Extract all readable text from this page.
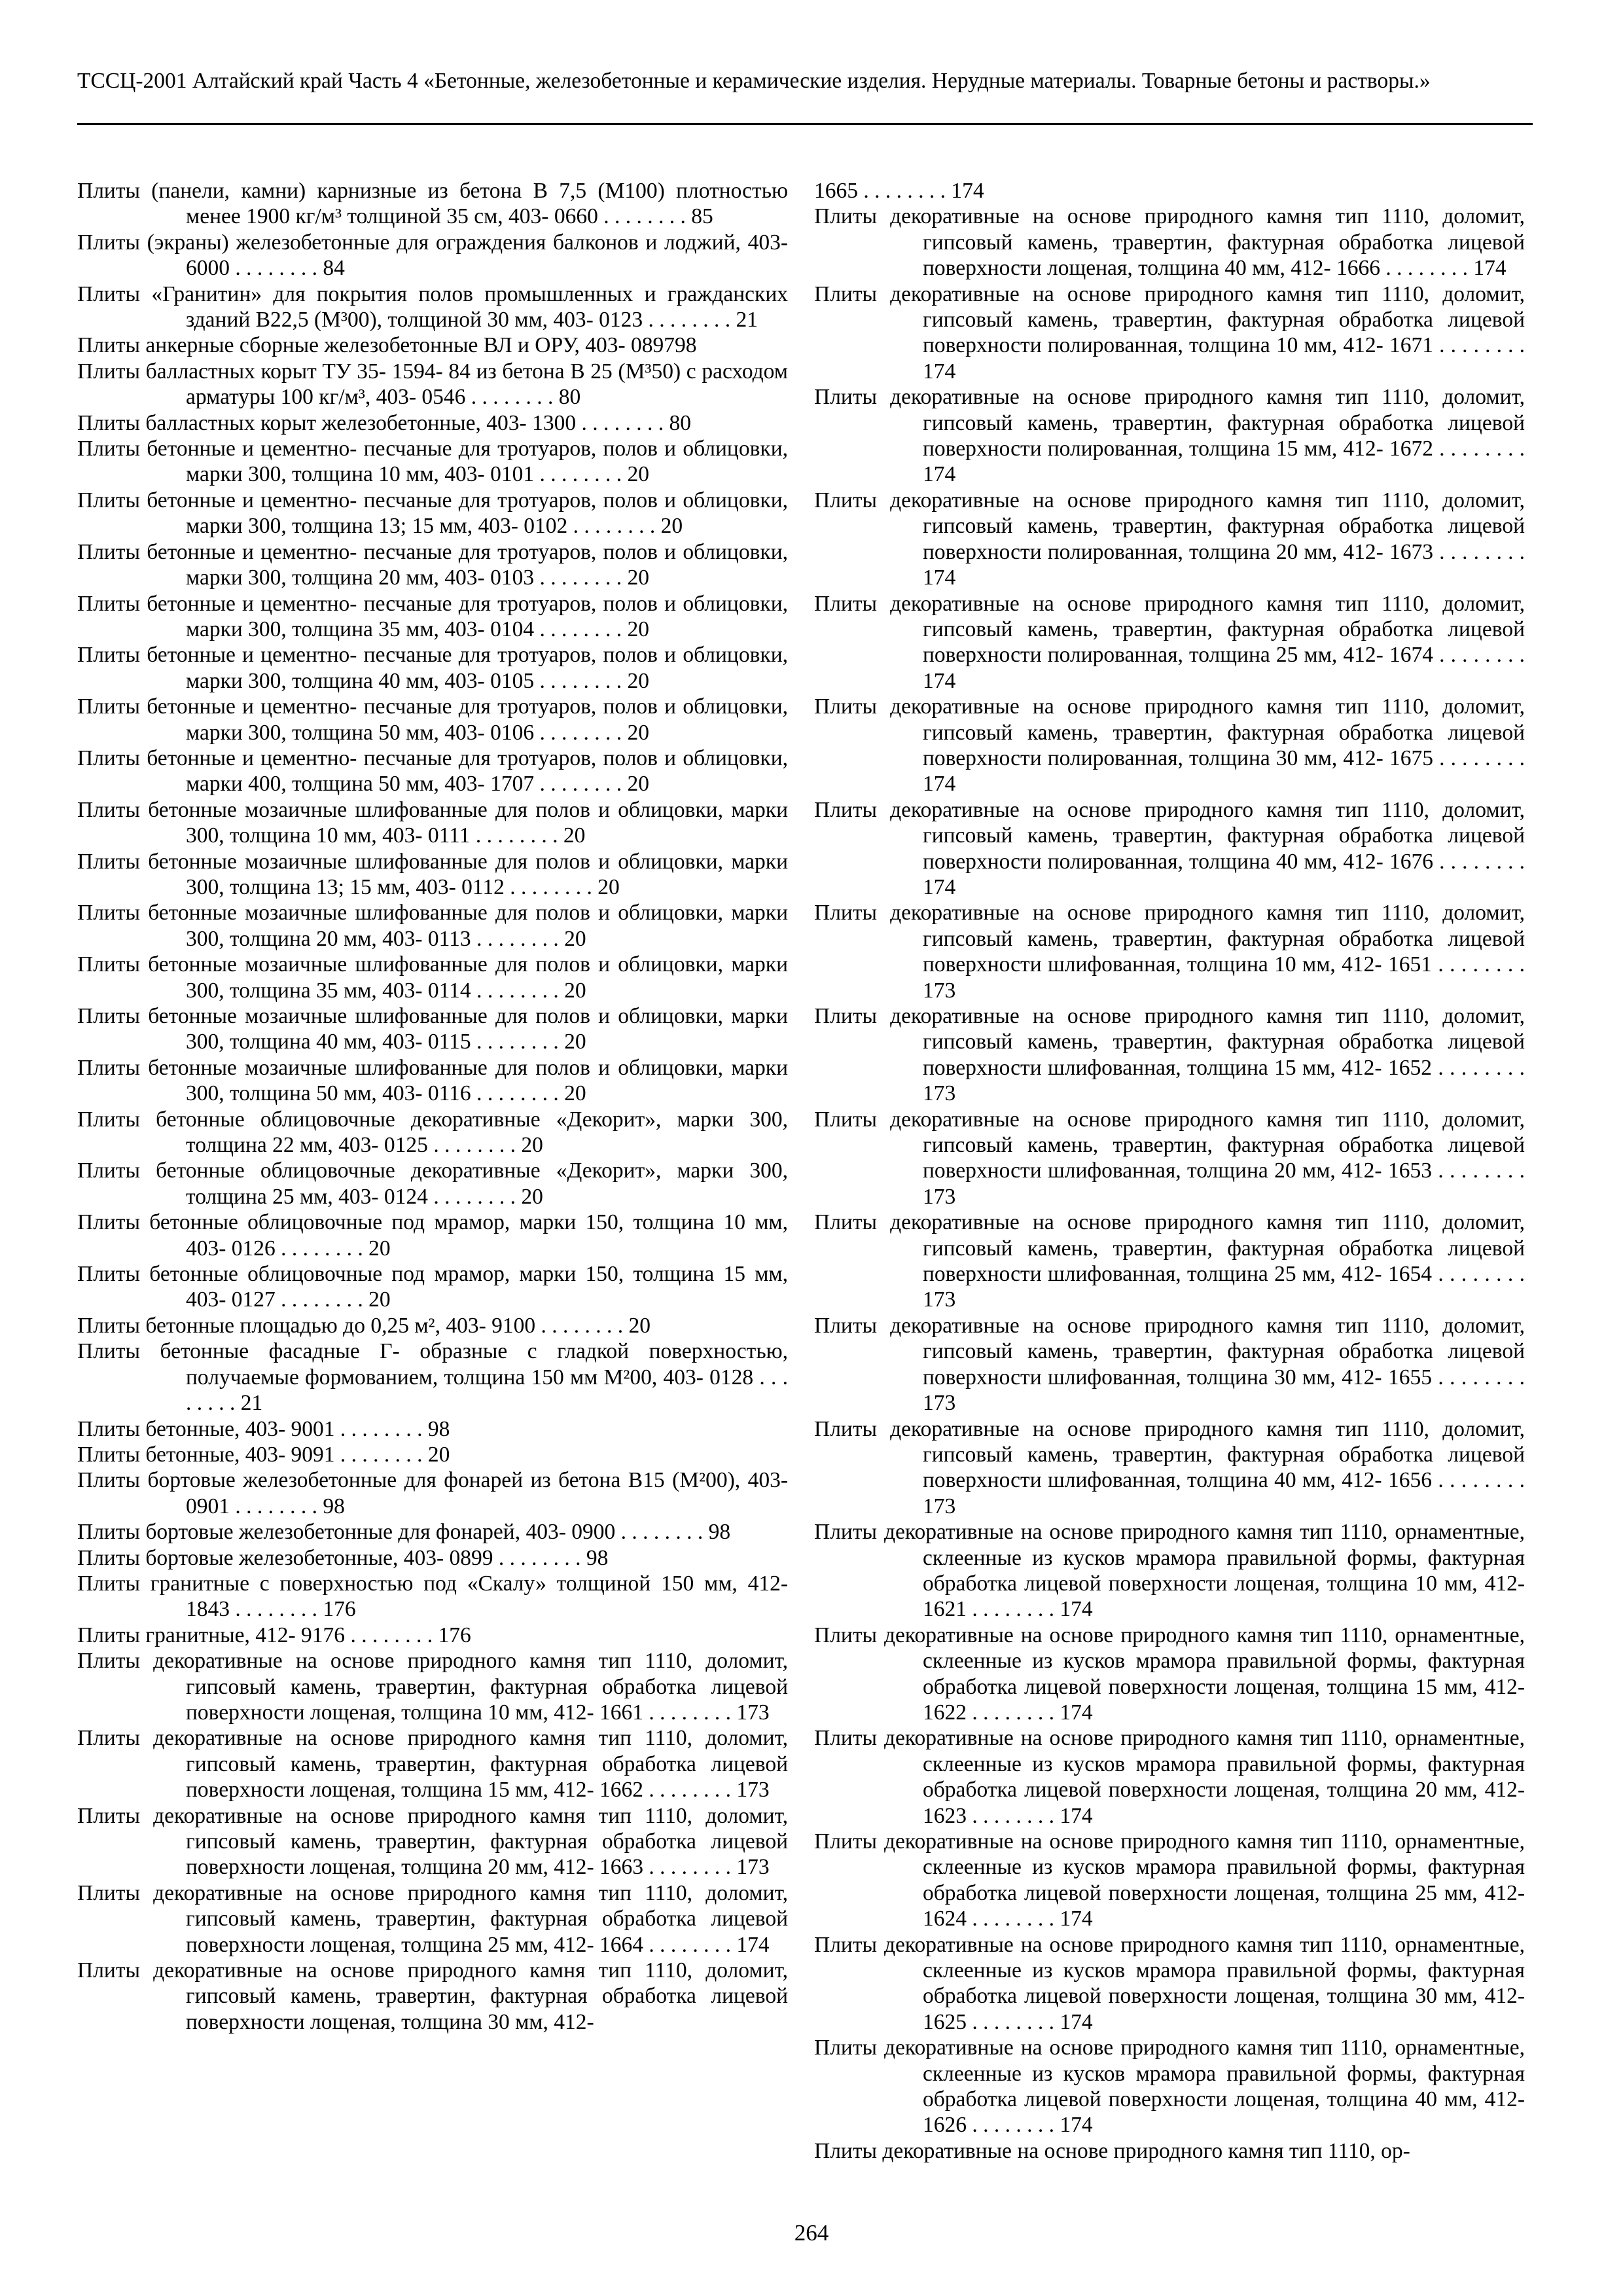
ТССЦ-2001 Алтайский край Часть 4 «Бетонные, железобетонные и керамические изделия. Нерудные материалы. Товарные бетоны и растворы.»
Плиты (панели, камни) карнизные из бетона В 7,5 (М100) плотностью менее 1900 кг/м³ толщиной 35 см, 403- 0660 . . . . . . . . 85
Плиты (экраны) железобетонные для ограждения балконов и лоджий, 403- 6000 . . . . . . . . 84
Плиты «Гранитин» для покрытия полов промышленных и гражданских зданий В22,5 (М³00), толщиной 30 мм, 403- 0123 . . . . . . . . 21
Плиты анкерные сборные железобетонные ВЛ и ОРУ, 403- 089798
Плиты балластных корыт ТУ 35- 1594- 84 из бетона В 25 (М³50) с расходом арматуры 100 кг/м³, 403- 0546 . . . . . . . . 80
Плиты балластных корыт железобетонные, 403- 1300 . . . . . . . . 80
Плиты бетонные и цементно- песчаные для тротуаров, полов и облицовки, марки 300, толщина 10 мм, 403- 0101 . . . . . . . . 20
Плиты бетонные и цементно- песчаные для тротуаров, полов и облицовки, марки 300, толщина 13; 15 мм, 403- 0102 . . . . . . . . 20
Плиты бетонные и цементно- песчаные для тротуаров, полов и облицовки, марки 300, толщина 20 мм, 403- 0103 . . . . . . . . 20
Плиты бетонные и цементно- песчаные для тротуаров, полов и облицовки, марки 300, толщина 35 мм, 403- 0104 . . . . . . . . 20
Плиты бетонные и цементно- песчаные для тротуаров, полов и облицовки, марки 300, толщина 40 мм, 403- 0105 . . . . . . . . 20
Плиты бетонные и цементно- песчаные для тротуаров, полов и облицовки, марки 300, толщина 50 мм, 403- 0106 . . . . . . . . 20
Плиты бетонные и цементно- песчаные для тротуаров, полов и облицовки, марки 400, толщина 50 мм, 403- 1707 . . . . . . . . 20
Плиты бетонные мозаичные шлифованные для полов и облицовки, марки 300, толщина 10 мм, 403- 0111 . . . . . . . . 20
Плиты бетонные мозаичные шлифованные для полов и облицовки, марки 300, толщина 13; 15 мм, 403- 0112 . . . . . . . . 20
Плиты бетонные мозаичные шлифованные для полов и облицовки, марки 300, толщина 20 мм, 403- 0113 . . . . . . . . 20
Плиты бетонные мозаичные шлифованные для полов и облицовки, марки 300, толщина 35 мм, 403- 0114 . . . . . . . . 20
Плиты бетонные мозаичные шлифованные для полов и облицовки, марки 300, толщина 40 мм, 403- 0115 . . . . . . . . 20
Плиты бетонные мозаичные шлифованные для полов и облицовки, марки 300, толщина 50 мм, 403- 0116 . . . . . . . . 20
Плиты бетонные облицовочные декоративные «Декорит», марки 300, толщина 22 мм, 403- 0125 . . . . . . . . 20
Плиты бетонные облицовочные декоративные «Декорит», марки 300, толщина 25 мм, 403- 0124 . . . . . . . . 20
Плиты бетонные облицовочные под мрамор, марки 150, толщина 10 мм, 403- 0126 . . . . . . . . 20
Плиты бетонные облицовочные под мрамор, марки 150, толщина 15 мм, 403- 0127 . . . . . . . . 20
Плиты бетонные площадью до 0,25 м², 403- 9100 . . . . . . . . 20
Плиты бетонные фасадные Г- образные с гладкой поверхностью, получаемые формованием, толщина 150 мм М²00, 403- 0128 . . . . . . . . 21
Плиты бетонные, 403- 9001 . . . . . . . . 98
Плиты бетонные, 403- 9091 . . . . . . . . 20
Плиты бортовые железобетонные для фонарей из бетона В15 (М²00), 403- 0901 . . . . . . . . 98
Плиты бортовые железобетонные для фонарей, 403- 0900 . . . . . . . . 98
Плиты бортовые железобетонные, 403- 0899 . . . . . . . . 98
Плиты гранитные с поверхностью под «Скалу» толщиной 150 мм, 412- 1843 . . . . . . . . 176
Плиты гранитные, 412- 9176 . . . . . . . . 176
Плиты декоративные на основе природного камня тип 1110, доломит, гипсовый камень, травертин, фактурная обработка лицевой поверхности лощеная, толщина 10 мм, 412- 1661 . . . . . . . . 173
Плиты декоративные на основе природного камня тип 1110, доломит, гипсовый камень, травертин, фактурная обработка лицевой поверхности лощеная, толщина 15 мм, 412- 1662 . . . . . . . . 173
Плиты декоративные на основе природного камня тип 1110, доломит, гипсовый камень, травертин, фактурная обработка лицевой поверхности лощеная, толщина 20 мм, 412- 1663 . . . . . . . . 173
Плиты декоративные на основе природного камня тип 1110, доломит, гипсовый камень, травертин, фактурная обработка лицевой поверхности лощеная, толщина 25 мм, 412- 1664 . . . . . . . . 174
Плиты декоративные на основе природного камня тип 1110, доломит, гипсовый камень, травертин, фактурная обработка лицевой поверхности лощеная, толщина 30 мм, 412-
1665 . . . . . . . . 174
Плиты декоративные на основе природного камня тип 1110, доломит, гипсовый камень, травертин, фактурная обработка лицевой поверхности лощеная, толщина 40 мм, 412- 1666 . . . . . . . . 174
Плиты декоративные на основе природного камня тип 1110, доломит, гипсовый камень, травертин, фактурная обработка лицевой поверхности полированная, толщина 10 мм, 412- 1671 . . . . . . . . 174
Плиты декоративные на основе природного камня тип 1110, доломит, гипсовый камень, травертин, фактурная обработка лицевой поверхности полированная, толщина 15 мм, 412- 1672 . . . . . . . . 174
Плиты декоративные на основе природного камня тип 1110, доломит, гипсовый камень, травертин, фактурная обработка лицевой поверхности полированная, толщина 20 мм, 412- 1673 . . . . . . . . 174
Плиты декоративные на основе природного камня тип 1110, доломит, гипсовый камень, травертин, фактурная обработка лицевой поверхности полированная, толщина 25 мм, 412- 1674 . . . . . . . . 174
Плиты декоративные на основе природного камня тип 1110, доломит, гипсовый камень, травертин, фактурная обработка лицевой поверхности полированная, толщина 30 мм, 412- 1675 . . . . . . . . 174
Плиты декоративные на основе природного камня тип 1110, доломит, гипсовый камень, травертин, фактурная обработка лицевой поверхности полированная, толщина 40 мм, 412- 1676 . . . . . . . . 174
Плиты декоративные на основе природного камня тип 1110, доломит, гипсовый камень, травертин, фактурная обработка лицевой поверхности шлифованная, толщина 10 мм, 412- 1651 . . . . . . . . 173
Плиты декоративные на основе природного камня тип 1110, доломит, гипсовый камень, травертин, фактурная обработка лицевой поверхности шлифованная, толщина 15 мм, 412- 1652 . . . . . . . . 173
Плиты декоративные на основе природного камня тип 1110, доломит, гипсовый камень, травертин, фактурная обработка лицевой поверхности шлифованная, толщина 20 мм, 412- 1653 . . . . . . . . 173
Плиты декоративные на основе природного камня тип 1110, доломит, гипсовый камень, травертин, фактурная обработка лицевой поверхности шлифованная, толщина 25 мм, 412- 1654 . . . . . . . . 173
Плиты декоративные на основе природного камня тип 1110, доломит, гипсовый камень, травертин, фактурная обработка лицевой поверхности шлифованная, толщина 30 мм, 412- 1655 . . . . . . . . 173
Плиты декоративные на основе природного камня тип 1110, доломит, гипсовый камень, травертин, фактурная обработка лицевой поверхности шлифованная, толщина 40 мм, 412- 1656 . . . . . . . . 173
Плиты декоративные на основе природного камня тип 1110, орнаментные, склеенные из кусков мрамора правильной формы, фактурная обработка лицевой поверхности лощеная, толщина 10 мм, 412- 1621 . . . . . . . . 174
Плиты декоративные на основе природного камня тип 1110, орнаментные, склеенные из кусков мрамора правильной формы, фактурная обработка лицевой поверхности лощеная, толщина 15 мм, 412- 1622 . . . . . . . . 174
Плиты декоративные на основе природного камня тип 1110, орнаментные, склеенные из кусков мрамора правильной формы, фактурная обработка лицевой поверхности лощеная, толщина 20 мм, 412- 1623 . . . . . . . . 174
Плиты декоративные на основе природного камня тип 1110, орнаментные, склеенные из кусков мрамора правильной формы, фактурная обработка лицевой поверхности лощеная, толщина 25 мм, 412- 1624 . . . . . . . . 174
Плиты декоративные на основе природного камня тип 1110, орнаментные, склеенные из кусков мрамора правильной формы, фактурная обработка лицевой поверхности лощеная, толщина 30 мм, 412- 1625 . . . . . . . . 174
Плиты декоративные на основе природного камня тип 1110, орнаментные, склеенные из кусков мрамора правильной формы, фактурная обработка лицевой поверхности лощеная, толщина 40 мм, 412- 1626 . . . . . . . . 174
Плиты декоративные на основе природного камня тип 1110, ор-
264
